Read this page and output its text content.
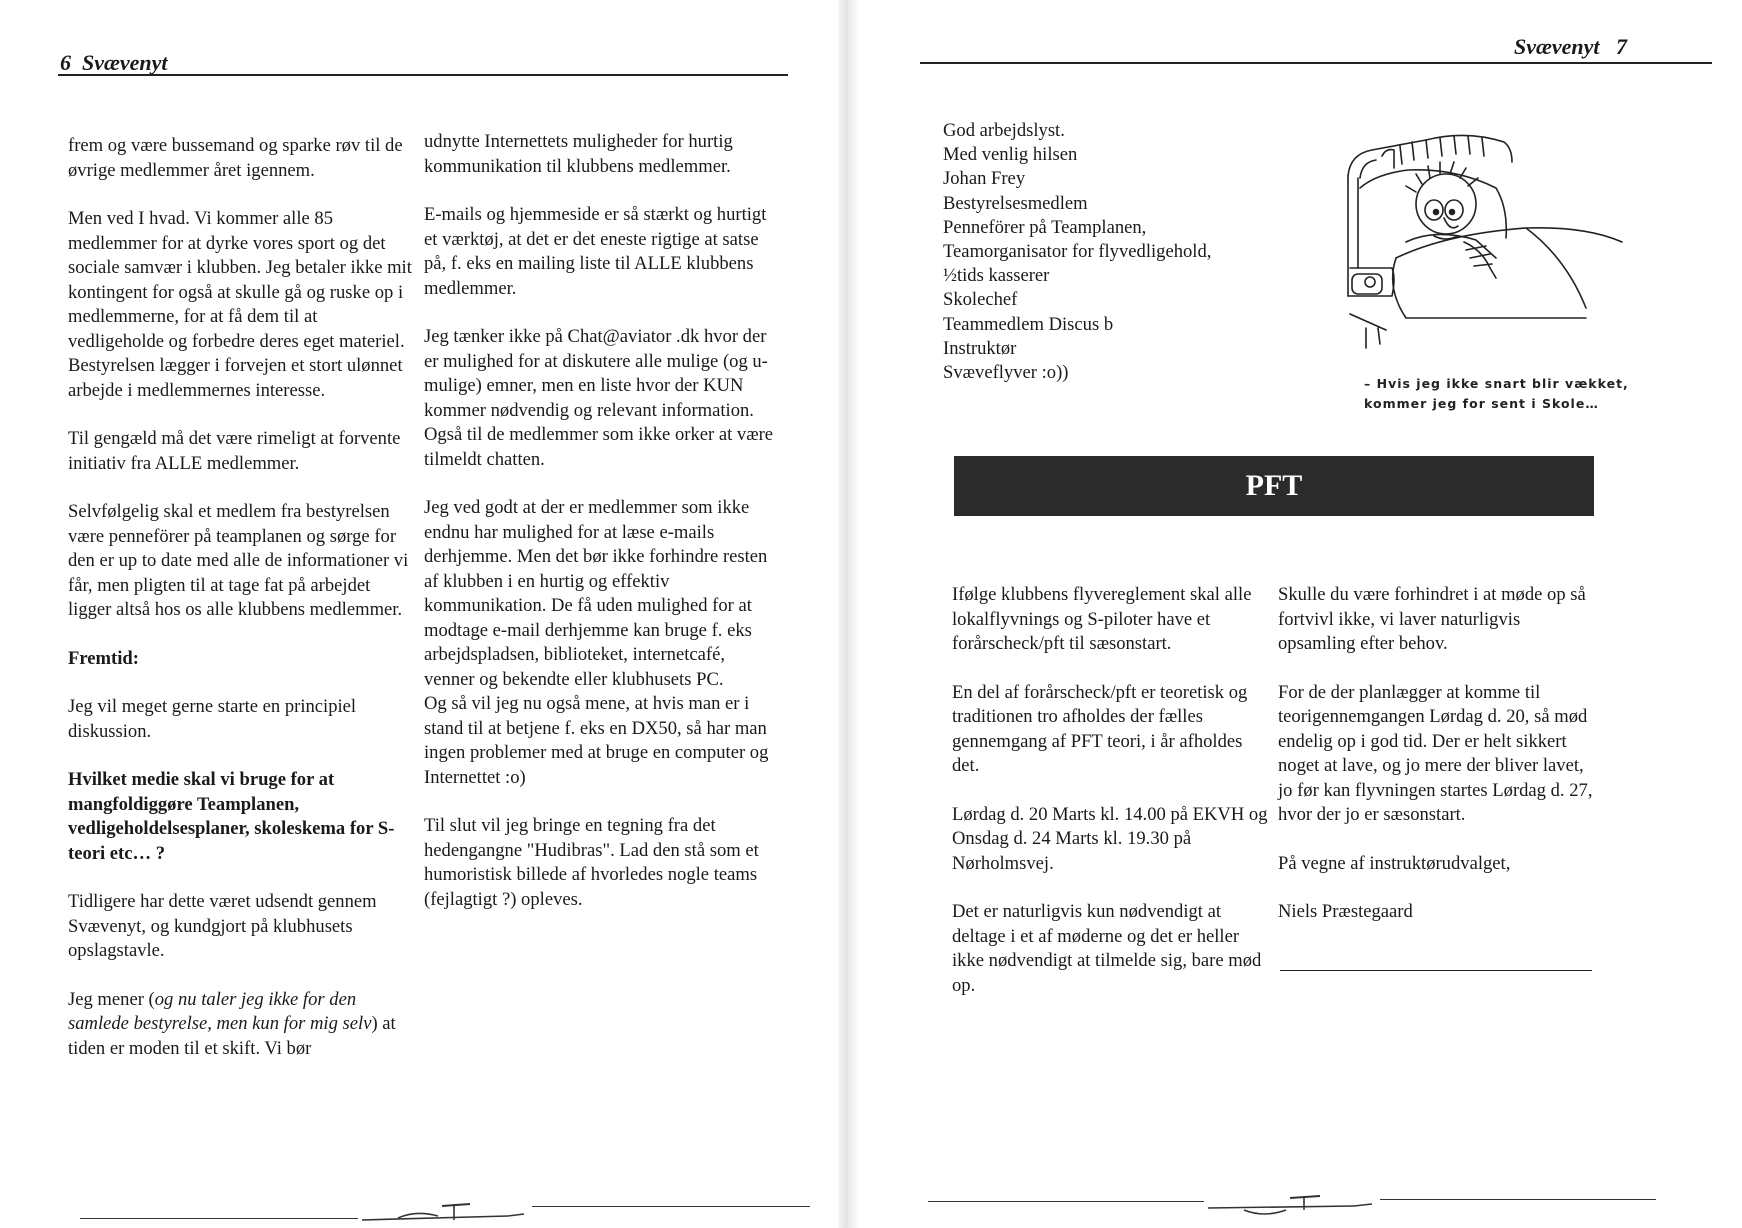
6 Svævenyt

frem og være bussemand og sparke røv til de øvrige medlemmer året igennem.

Men ved I hvad. Vi kommer alle 85 medlemmer for at dyrke vores sport og det sociale samvær i klubben. Jeg betaler ikke mit kontingent for også at skulle gå og ruske op i medlemmerne, for at få dem til at vedligeholde og forbedre deres eget materiel. Bestyrelsen lægger i forvejen et stort ulønnet arbejde i medlemmernes interesse.

Til gengæld må det være rimeligt at forvente initiativ fra ALLE medlemmer.

Selvfølgelig skal et medlem fra bestyrelsen være penneförer på teamplanen og sørge for den er up to date med alle de informationer vi får, men pligten til at tage fat på arbejdet ligger altså hos os alle klubbens medlemmer.

Fremtid:

Jeg vil meget gerne starte en principiel diskussion.

Hvilket medie skal vi bruge for at mangfoldiggøre Teamplanen, vedligeholdelsesplaner, skoleskema for S-teori etc… ?

Tidligere har dette været udsendt gennem Svævenyt, og kundgjort på klubhusets opslagstavle.

Jeg mener (og nu taler jeg ikke for den samlede bestyrelse, men kun for mig selv) at tiden er moden til et skift. Vi bør

udnytte Internettets muligheder for hurtig kommunikation til klubbens medlemmer.

E-mails og hjemmeside er så stærkt og hurtigt et værktøj, at det er det eneste rigtige at satse på, f. eks en mailing liste til ALLE klubbens medlemmer.

Jeg tænker ikke på Chat@aviator .dk hvor der er mulighed for at diskutere alle mulige (og u-mulige) emner, men en liste hvor der KUN kommer nødvendig og relevant information. Også til de medlemmer som ikke orker at være tilmeldt chatten.

Jeg ved godt at der er medlemmer som ikke endnu har mulighed for at læse e-mails derhjemme. Men det bør ikke forhindre resten af klubben i en hurtig og effektiv kommunikation. De få uden mulighed for at modtage e-mail derhjemme kan bruge f. eks arbejdspladsen, biblioteket, internetcafé, venner og bekendte eller klubhusets PC.

Og så vil jeg nu også mene, at hvis man er i stand til at betjene f. eks en DX50, så har man ingen problemer med at bruge en computer og Internettet :o)

Til slut vil jeg bringe en tegning fra det hedengangne "Hudibras". Lad den stå som et humoristisk billede af hvorledes nogle teams (fejlagtigt ?) opleves.

Svævenyt 7
God arbejdslyst.
Med venlig hilsen
Johan Frey
Bestyrelsesmedlem
Penneförer på Teamplanen,
Teamorganisator for flyvedligehold,
½tids kasserer
Skolechef
Teammedlem Discus b
Instruktør
Svæveflyver :o))
– Hvis jeg ikke snart blir vækket,
kommer jeg for sent i Skole…
PFT

Ifølge klubbens flyvereglement skal alle lokalflyvnings og S-piloter have et forårscheck/pft til sæsonstart.

En del af forårscheck/pft er teoretisk og traditionen tro afholdes der fælles gennemgang af PFT teori, i år afholdes det.

Lørdag d. 20 Marts kl. 14.00 på EKVH og Onsdag d. 24 Marts kl. 19.30 på Nørholmsvej.

Det er naturligvis kun nødvendigt at deltage i et af møderne og det er heller ikke nødvendigt at tilmelde sig, bare mød op.

Skulle du være forhindret i at møde op så fortvivl ikke, vi laver naturligvis opsamling efter behov.

For de der planlægger at komme til teorigennemgangen Lørdag d. 20, så mød endelig op i god tid. Der er helt sikkert noget at lave, og jo mere der bliver lavet, jo før kan flyvningen startes Lørdag d. 27, hvor der jo er sæsonstart.

På vegne af instruktørudvalget,

Niels Præstegaard
